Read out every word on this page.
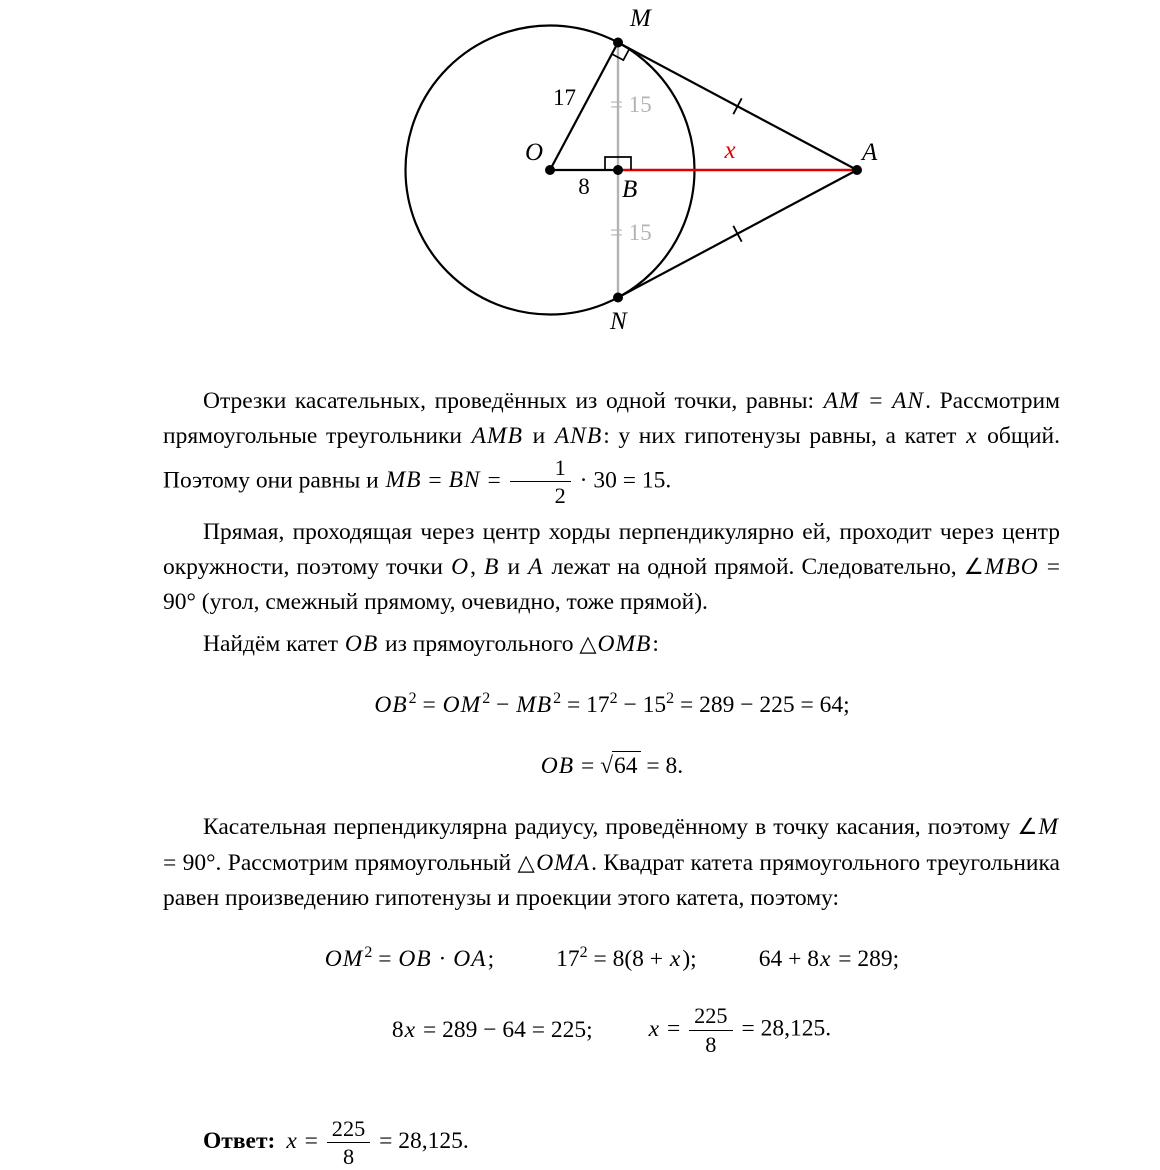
M
N
O	A
B
17
8
x
= 15
= 15

Отрезки касательных, проведённых из одной точки, равны: AM = AN. Рассмотрим прямоугольные треугольники AMB и ANB: у них гипотенузы равны, а катет x общий. Поэтому они равны и MB = BN = $\frac{1}{2} \cdot 30 = 15$.

Прямая, проходящая через центр хорды перпендикулярно ей, проходит через центр окружности, поэтому точки O, B и A лежат на одной прямой. Следовательно, ∠MBO = 90° (угол, смежный прямому, очевидно, тоже прямой).

Найдём катет OB из прямоугольного △OMB:

$OB^2 = OM^2 - MB^2 = 17^2 - 15^2 = 289 - 225 = 64$;
OB = √64 = 8.

Касательная перпендикулярна радиусу, проведённому в точку касания, поэтому ∠M = 90°. Рассмотрим прямоугольный △OMA. Квадрат катета прямоугольного треугольника равен произведению гипотенузы и проекции этого катета, поэтому:

$OM^2$ = OB · OA;	$17^2 = 8(8 + x)$;	64 + 8x = 289;
8x = 289 − 64 = 225; $x = \frac{225}{8} = 28,125$.
Ответ: $x = \frac{225}{8} = 28,125$.
